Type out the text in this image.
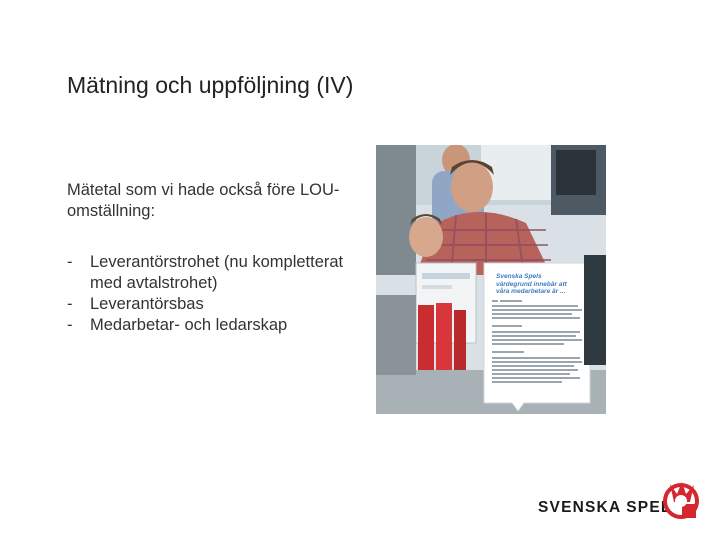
Mätning och uppföljning (IV)
Mätetal som vi hade också före LOU-omställning:
-	Leverantörstrohet (nu kompletterat med avtalstrohet)
-	Leverantörsbas
-	Medarbetar- och ledarskap
Svenska Spels
värdegrund innebär att
våra medarbetare är ...
SVENSKA SPEL
